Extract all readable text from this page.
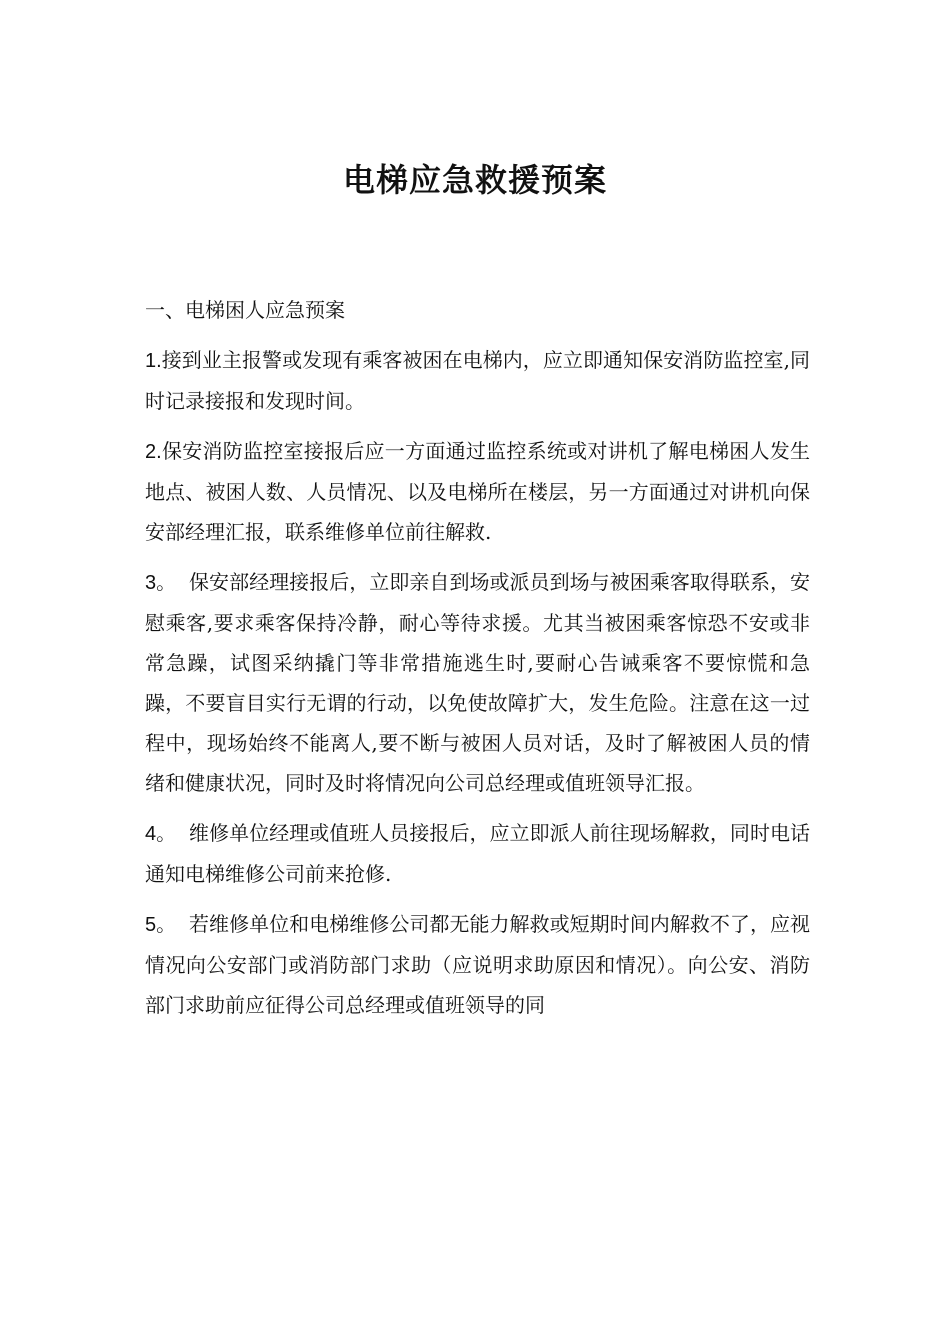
电梯应急救援预案

一、电梯困人应急预案

1.接到业主报警或发现有乘客被困在电梯内，应立即通知保安消防监控室,同时记录接报和发现时间。

2.保安消防监控室接报后应一方面通过监控系统或对讲机了解电梯困人发生地点、被困人数、人员情况、以及电梯所在楼层，另一方面通过对讲机向保安部经理汇报，联系维修单位前往解救.

3。 保安部经理接报后，立即亲自到场或派员到场与被困乘客取得联系，安慰乘客,要求乘客保持冷静，耐心等待求援。尤其当被困乘客惊恐不安或非常急躁，试图采纳撬门等非常措施逃生时,要耐心告诫乘客不要惊慌和急躁，不要盲目实行无谓的行动，以免使故障扩大，发生危险。注意在这一过程中，现场始终不能离人,要不断与被困人员对话，及时了解被困人员的情绪和健康状况，同时及时将情况向公司总经理或值班领导汇报。

4。 维修单位经理或值班人员接报后，应立即派人前往现场解救，同时电话通知电梯维修公司前来抢修.

5。 若维修单位和电梯维修公司都无能力解救或短期时间内解救不了，应视情况向公安部门或消防部门求助（应说明求助原因和情况）。向公安、消防部门求助前应征得公司总经理或值班领导的同
